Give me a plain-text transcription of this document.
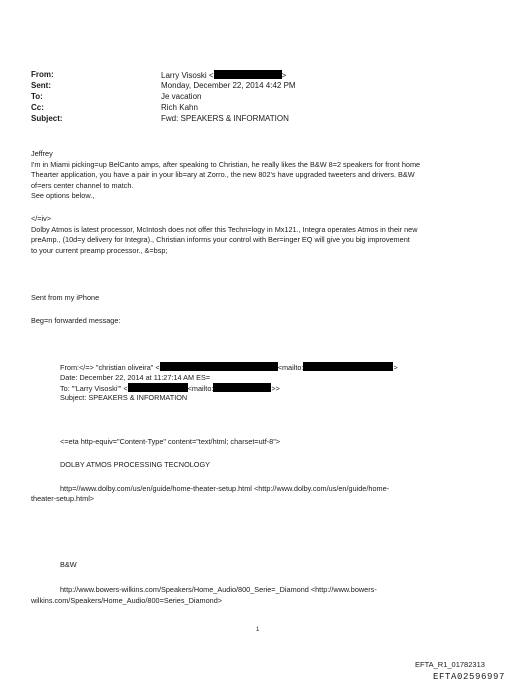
From:	Larry Visoski <	>
Sent:	Monday, December 22, 2014 4:42 PM
To:	Je vacation
Cc:	Rich Kahn
Subject:	Fwd: SPEAKERS & INFORMATION
Jeffrey
I'm in Miami picking=up BelCanto amps, after speaking to Christian, he really likes the B&W 8=2 speakers for front home
Thearter application, you have a pair in your lib=ary at Zorro., the new 802's have upgraded tweeters and drivers. B&W
of=ers center channel to match.
See options below.,
</=iv>
Dolby Atmos is latest processor, McIntosh does not offer this Techn=logy in Mx121., Integra operates Atmos in their new
preAmp., (10d=y delivery for Integra)., Christian informs your control with Ber=inger EQ will give you big improvement
to your current preamp processor., &=bsp;
Sent from my iPhone
Beg=n forwarded message:
From:</=> "christian oliveira" <	<mailto:	>
Date: December 22, 2014 at 11:27:14 AM ES=
To: "'Larry Visoski'" <	<mailto:	>>
Subject: SPEAKERS & INFORMATION
<=eta http-equiv="Content-Type" content="text/html; charset=utf-8">
DOLBY ATMOS PROCESSING TECNOLOGY
http=//www.dolby.com/us/en/guide/home-theater-setup.html <http://www.dolby.com/us/en/guide/home-
theater-setup.html>
B&W
http://www.bowers-wilkins.com/Speakers/Home_Audio/800_Serie=_Diamond <http://www.bowers-
wilkins.com/Speakers/Home_Audio/800=Series_Diamond>
1
EFTA_R1_01782313
EFTA02596997
